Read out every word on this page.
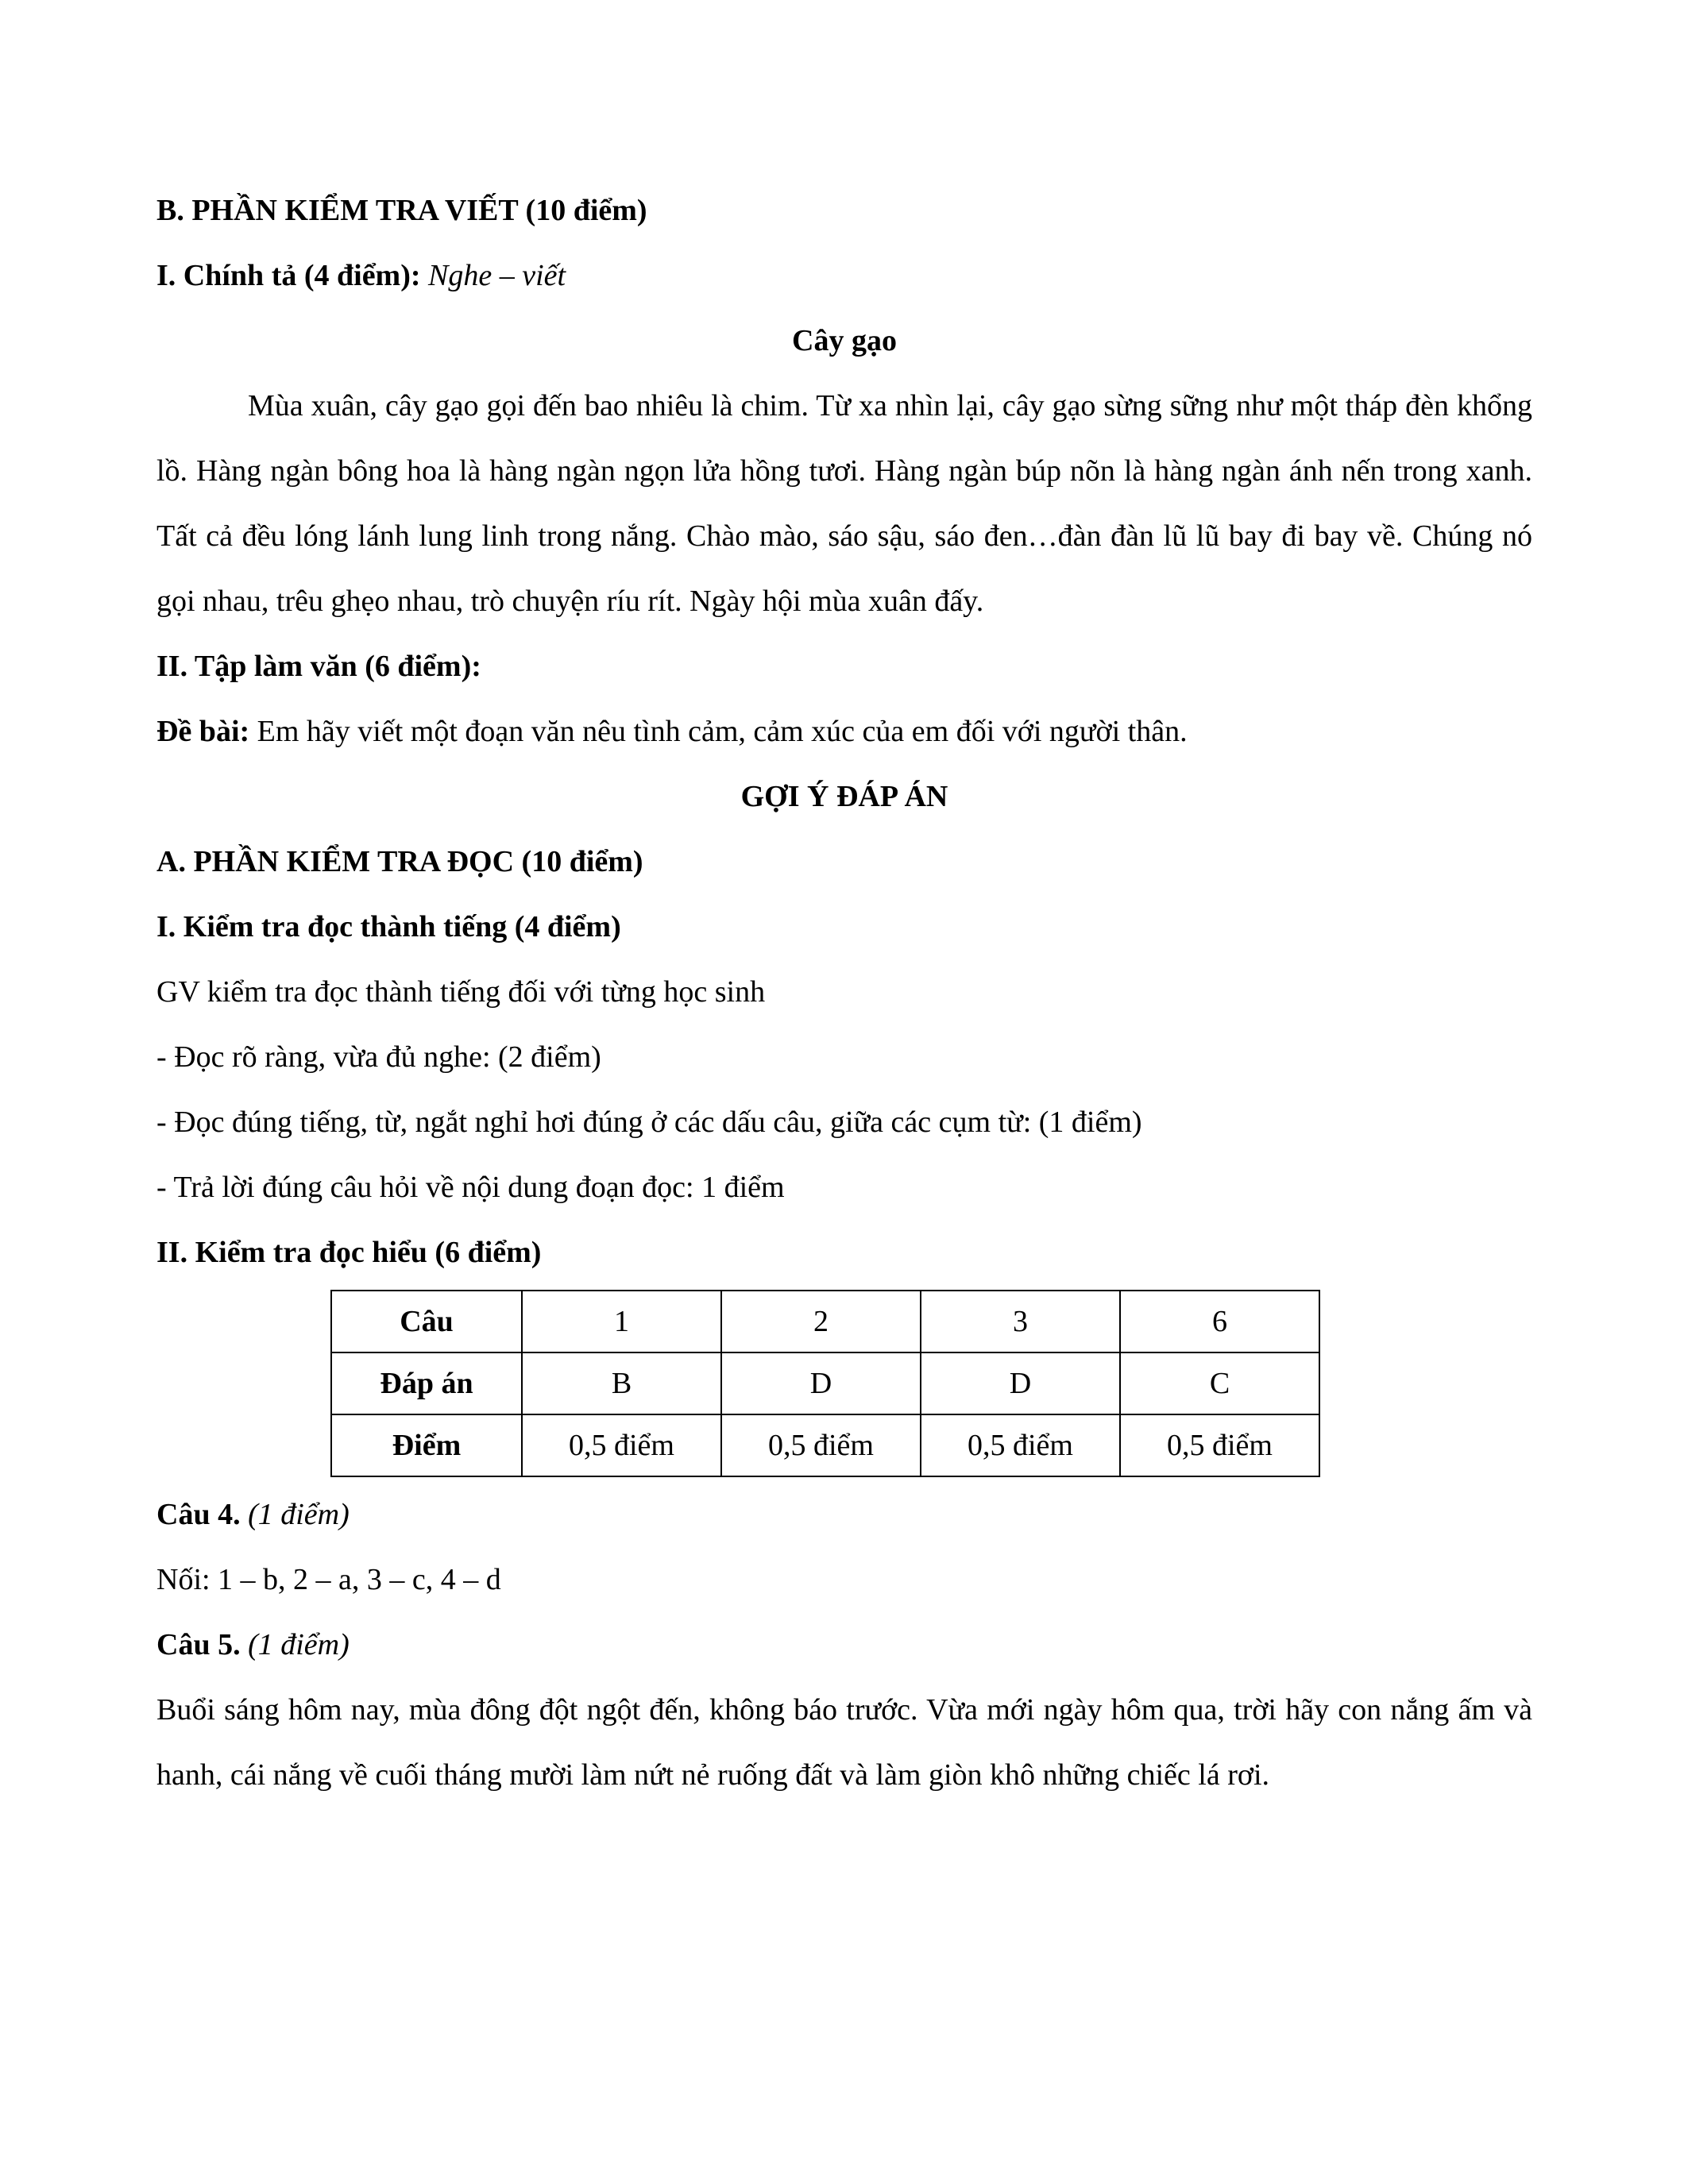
B. PHẦN KIỂM TRA VIẾT (10 điểm)

I. Chính tả (4 điểm): Nghe – viết

Cây gạo

Mùa xuân, cây gạo gọi đến bao nhiêu là chim. Từ xa nhìn lại, cây gạo sừng sững như một tháp đèn khổng lồ. Hàng ngàn bông hoa là hàng ngàn ngọn lửa hồng tươi. Hàng ngàn búp nõn là hàng ngàn ánh nến trong xanh. Tất cả đều lóng lánh lung linh trong nắng. Chào mào, sáo sậu, sáo đen…đàn đàn lũ lũ bay đi bay về. Chúng nó gọi nhau, trêu ghẹo nhau, trò chuyện ríu rít. Ngày hội mùa xuân đấy.

II. Tập làm văn (6 điểm):

Đề bài: Em hãy viết một đoạn văn nêu tình cảm, cảm xúc của em đối với người thân.

GỢI Ý ĐÁP ÁN

A. PHẦN KIỂM TRA ĐỌC (10 điểm)

I. Kiểm tra đọc thành tiếng (4 điểm)

GV kiểm tra đọc thành tiếng đối với từng học sinh

- Đọc rõ ràng, vừa đủ nghe: (2 điểm)

- Đọc đúng tiếng, từ, ngắt nghỉ hơi đúng ở các dấu câu, giữa các cụm từ: (1 điểm)

- Trả lời đúng câu hỏi về nội dung đoạn đọc: 1 điểm

II. Kiểm tra đọc hiểu (6 điểm)

Câu	1	2	3	6
Đáp án	B	D	D	C
Điểm	0,5 điểm	0,5 điểm	0,5 điểm	0,5 điểm

Câu 4. (1 điểm)

Nối: 1 – b, 2 – a, 3 – c, 4 – d

Câu 5. (1 điểm)

Buổi sáng hôm nay, mùa đông đột ngột đến, không báo trước. Vừa mới ngày hôm qua, trời hãy con nắng ấm và hanh, cái nắng về cuối tháng mười làm nứt nẻ ruống đất và làm giòn khô những chiếc lá rơi.
